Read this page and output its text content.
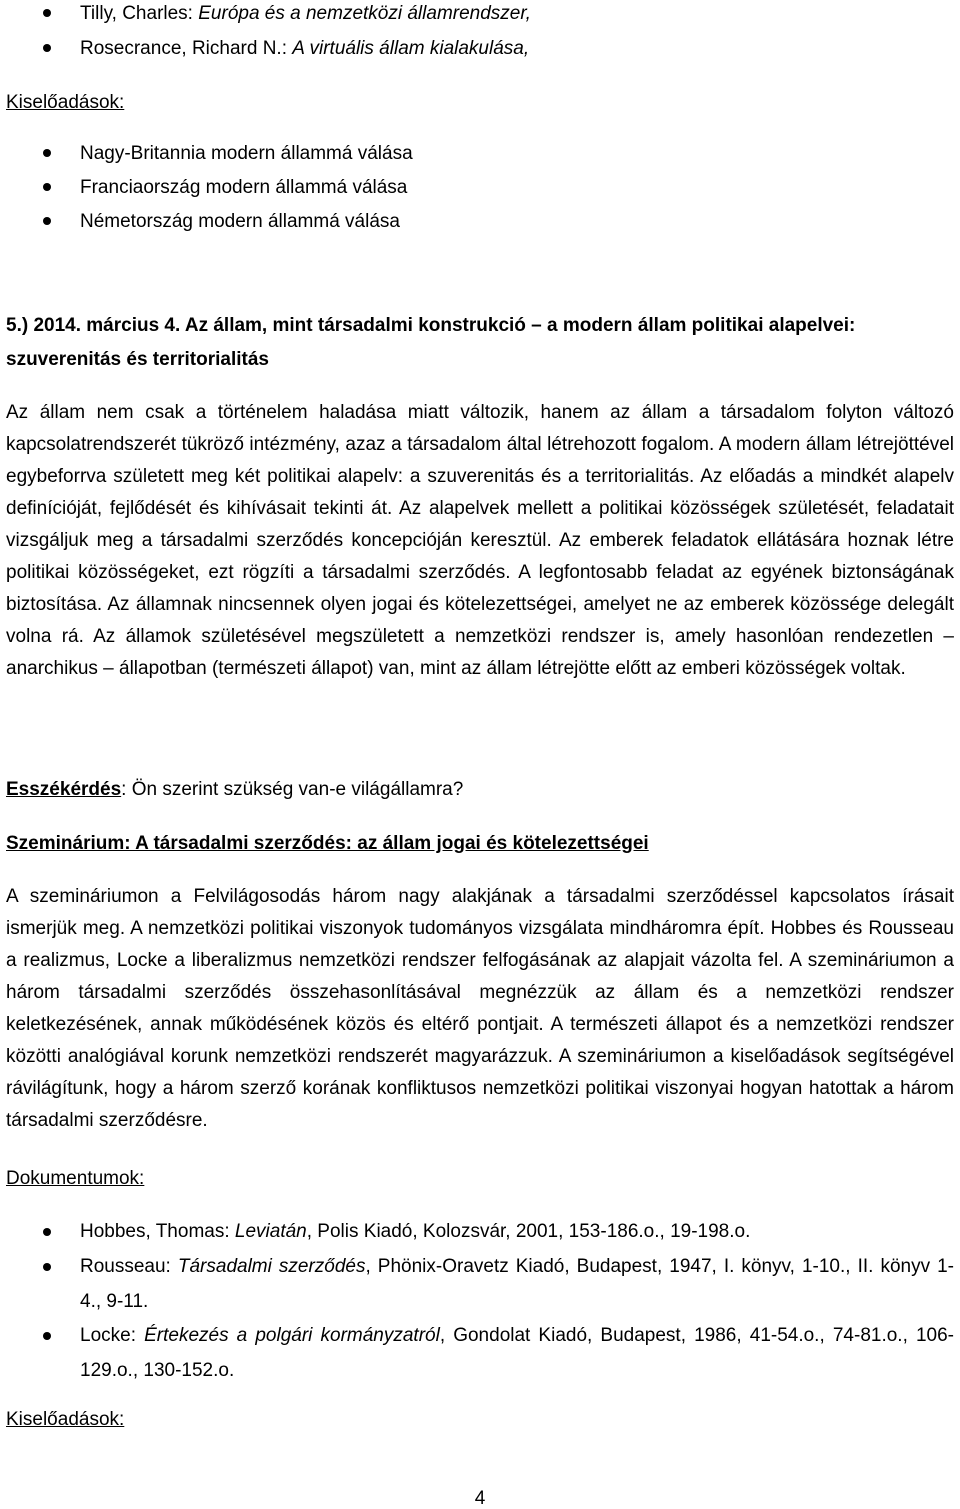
Tilly, Charles: Európa és a nemzetközi államrendszer,
Rosecrance, Richard N.: A virtuális állam kialakulása,
Kiselőadások:
Nagy-Britannia modern állammá válása
Franciaország modern állammá válása
Németország modern állammá válása
5.) 2014. március 4. Az állam, mint társadalmi konstrukció – a modern állam politikai alapelvei:
szuverenitás és territorialitás
Az állam nem csak a történelem haladása miatt változik, hanem az állam a társadalom folyton változó kapcsolatrendszerét tükröző intézmény, azaz a társadalom által létrehozott fogalom. A modern állam létrejöttével egybeforrva született meg két politikai alapelv: a szuverenitás és a territorialitás. Az előadás a mindkét alapelv definícióját, fejlődését és kihívásait tekinti át. Az alapelvek mellett a politikai közösségek születését, feladatait vizsgáljuk meg a társadalmi szerződés koncepcióján keresztül. Az emberek feladatok ellátására hoznak létre politikai közösségeket, ezt rögzíti a társadalmi szerződés. A legfontosabb feladat az egyének biztonságának biztosítása. Az államnak nincsennek olyen jogai és kötelezettségei, amelyet ne az emberek közössége delegált volna rá. Az államok születésével megszületett a nemzetközi rendszer is, amely hasonlóan rendezetlen – anarchikus – állapotban (természeti állapot) van, mint az állam létrejötte előtt az emberi közösségek voltak.
Esszékérdés: Ön szerint szükség van-e világállamra?
Szeminárium: A társadalmi szerződés: az állam jogai és kötelezettségei
A szemináriumon a Felvilágosodás három nagy alakjának a társadalmi szerződéssel kapcsolatos írásait ismerjük meg. A nemzetközi politikai viszonyok tudományos vizsgálata mindháromra épít. Hobbes és Rousseau a realizmus, Locke a liberalizmus nemzetközi rendszer felfogásának az alapjait vázolta fel. A szemináriumon a három társadalmi szerződés összehasonlításával megnézzük az állam és a nemzetközi rendszer keletkezésének, annak működésének közös és eltérő pontjait. A természeti állapot és a nemzetközi rendszer közötti analógiával korunk nemzetközi rendszerét magyarázzuk. A szemináriumon a kiselőadások segítségével rávilágítunk, hogy a három szerző korának konfliktusos nemzetközi politikai viszonyai hogyan hatottak a három társadalmi szerződésre.
Dokumentumok:
Hobbes, Thomas: Leviatán, Polis Kiadó, Kolozsvár, 2001, 153-186.o., 19-198.o.
Rousseau: Társadalmi szerződés, Phönix-Oravetz Kiadó, Budapest, 1947, I. könyv, 1-10., II. könyv 1-4., 9-11.
Locke: Értekezés a polgári kormányzatról, Gondolat Kiadó, Budapest, 1986, 41-54.o., 74-81.o., 106-129.o., 130-152.o.
Kiselőadások:
4
